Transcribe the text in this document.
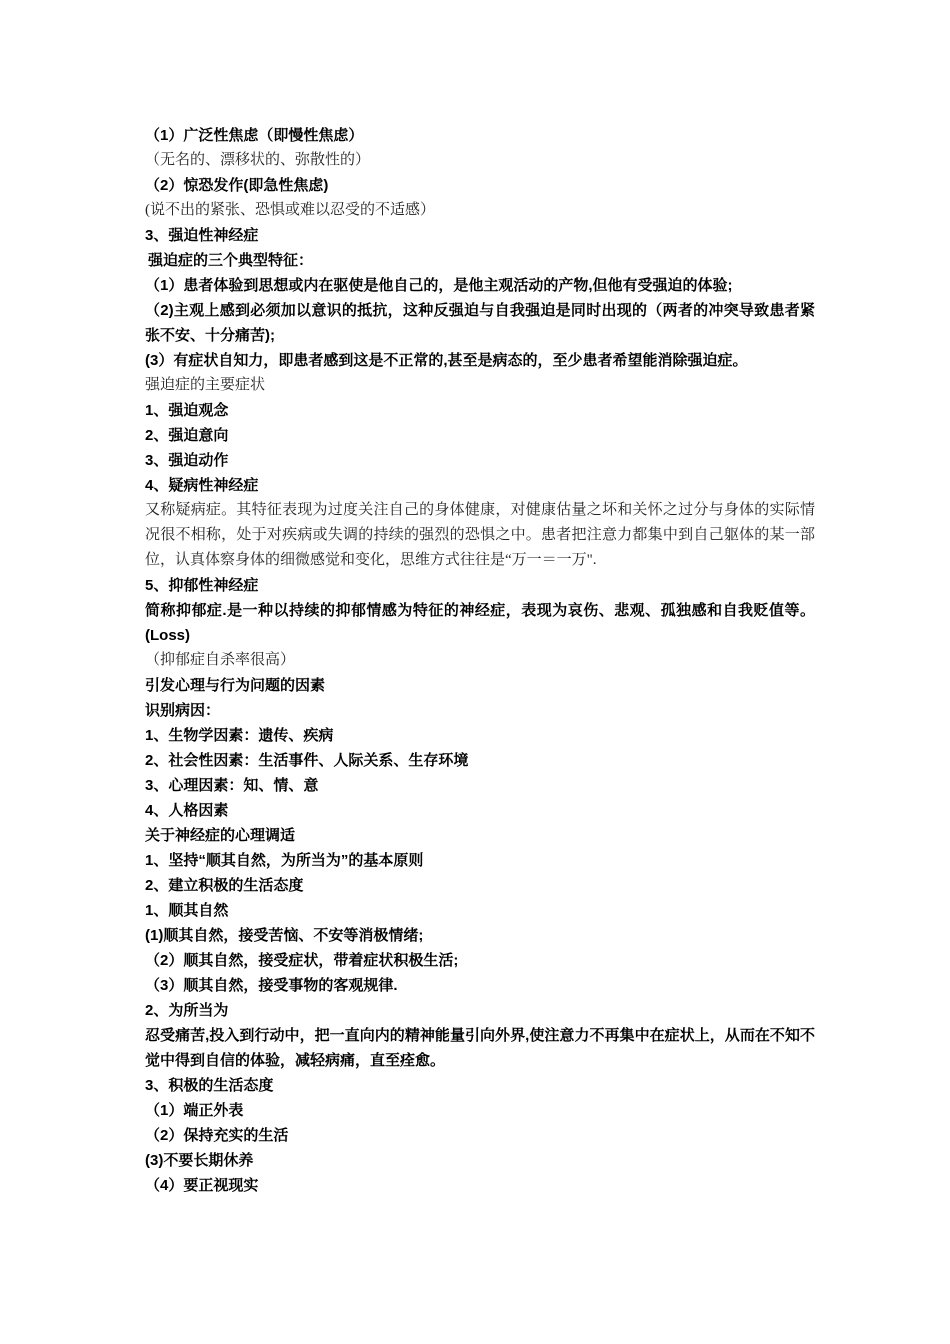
（1）广泛性焦虑（即慢性焦虑）
（无名的、漂移状的、弥散性的）
（2）惊恐发作(即急性焦虑)
(说不出的紧张、恐惧或难以忍受的不适感）
3、强迫性神经症
强迫症的三个典型特征：
（1）患者体验到思想或内在驱使是他自己的，是他主观活动的产物,但他有受强迫的体验;
（2)主观上感到必须加以意识的抵抗，这种反强迫与自我强迫是同时出现的（两者的冲突导致患者紧张不安、十分痛苦);
(3）有症状自知力，即患者感到这是不正常的,甚至是病态的，至少患者希望能消除强迫症。
强迫症的主要症状
1、强迫观念
2、强迫意向
3、强迫动作
4、疑病性神经症
又称疑病症。其特征表现为过度关注自己的身体健康，对健康估量之坏和关怀之过分与身体的实际情况很不相称，处于对疾病或失调的持续的强烈的恐惧之中。患者把注意力都集中到自己躯体的某一部位，认真体察身体的细微感觉和变化，思维方式往往是“万一＝一万".
5、抑郁性神经症
简称抑郁症.是一种以持续的抑郁情感为特征的神经症，表现为哀伤、悲观、孤独感和自我贬值等。(Loss)
（抑郁症自杀率很高）
引发心理与行为问题的因素
识别病因：
1、生物学因素：遗传、疾病
2、社会性因素：生活事件、人际关系、生存环境
3、心理因素：知、情、意
4、人格因素
关于神经症的心理调适
1、坚持“顺其自然，为所当为”的基本原则
2、建立积极的生活态度
1、顺其自然
(1)顺其自然，接受苦恼、不安等消极情绪;
（2）顺其自然，接受症状，带着症状积极生活;
（3）顺其自然，接受事物的客观规律.
2、为所当为
忍受痛苦,投入到行动中，把一直向内的精神能量引向外界,使注意力不再集中在症状上，从而在不知不觉中得到自信的体验，减轻病痛，直至痊愈。
3、积极的生活态度
（1）端正外表
（2）保持充实的生活
(3)不要长期休养
（4）要正视现实
